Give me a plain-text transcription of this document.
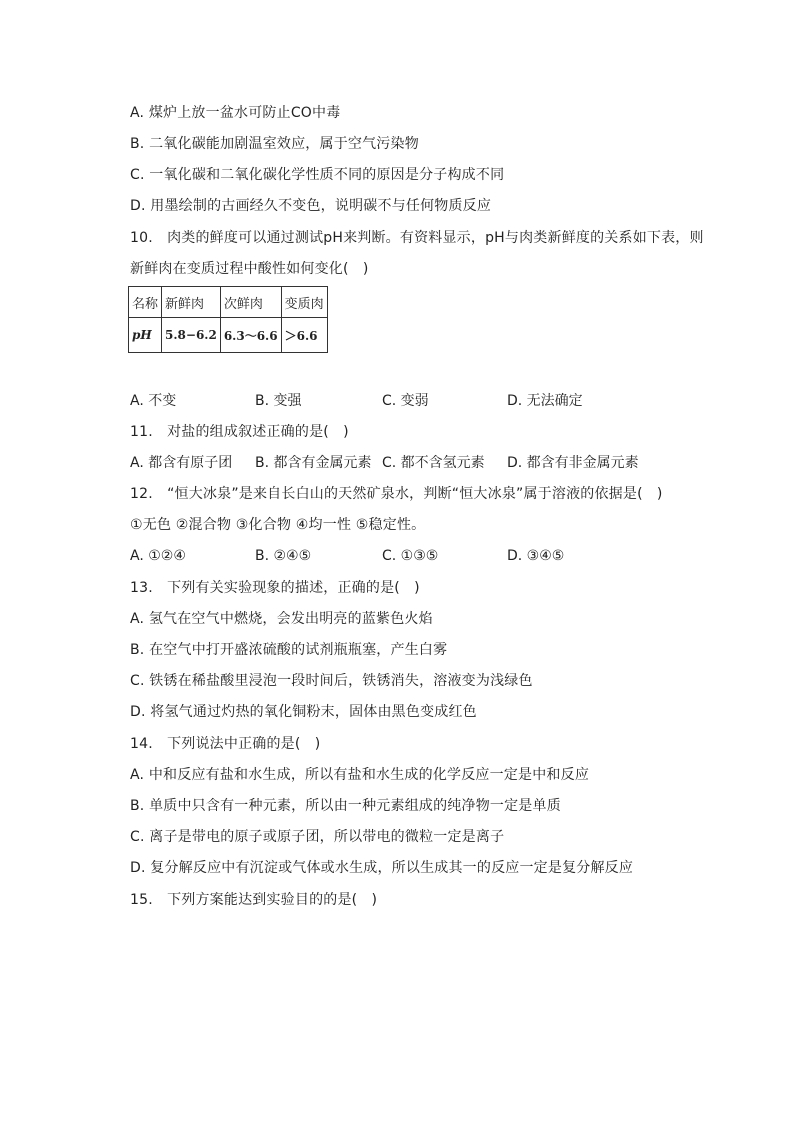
A. 煤炉上放一盆水可防止CO中毒
B. 二氧化碳能加剧温室效应，属于空气污染物
C. 一氧化碳和二氧化碳化学性质不同的原因是分子构成不同
D. 用墨绘制的古画经久不变色，说明碳不与任何物质反应
10.　肉类的鲜度可以通过测试pH来判断。有资料显示，pH与肉类新鲜度的关系如下表，则
新鲜肉在变质过程中酸性如何变化(　)
名称	新鲜肉	次鲜肉	变质肉
pH	5.8−6.2	6.3～6.6	＞6.6
A. 不变	B. 变强	C. 变弱	D. 无法确定
11.　对盐的组成叙述正确的是(　)
A. 都含有原子团 B. 都含有金属元素 C. 都不含氢元素 D. 都含有非金属元素
12.　“恒大冰泉”是来自长白山的天然矿泉水，判断“恒大冰泉”属于溶液的依据是(　)
①无色 ②混合物 ③化合物 ④均一性 ⑤稳定性。
A. ①②④	B. ②④⑤	C. ①③⑤	D. ③④⑤
13.　下列有关实验现象的描述，正确的是(　)
A. 氢气在空气中燃烧，会发出明亮的蓝紫色火焰
B. 在空气中打开盛浓硫酸的试剂瓶瓶塞，产生白雾
C. 铁锈在稀盐酸里浸泡一段时间后，铁锈消失，溶液变为浅绿色
D. 将氢气通过灼热的氧化铜粉末，固体由黑色变成红色
14.　下列说法中正确的是(　)
A. 中和反应有盐和水生成，所以有盐和水生成的化学反应一定是中和反应
B. 单质中只含有一种元素，所以由一种元素组成的纯净物一定是单质
C. 离子是带电的原子或原子团，所以带电的微粒一定是离子
D. 复分解反应中有沉淀或气体或水生成，所以生成其一的反应一定是复分解反应
15.　下列方案能达到实验目的的是(　)
